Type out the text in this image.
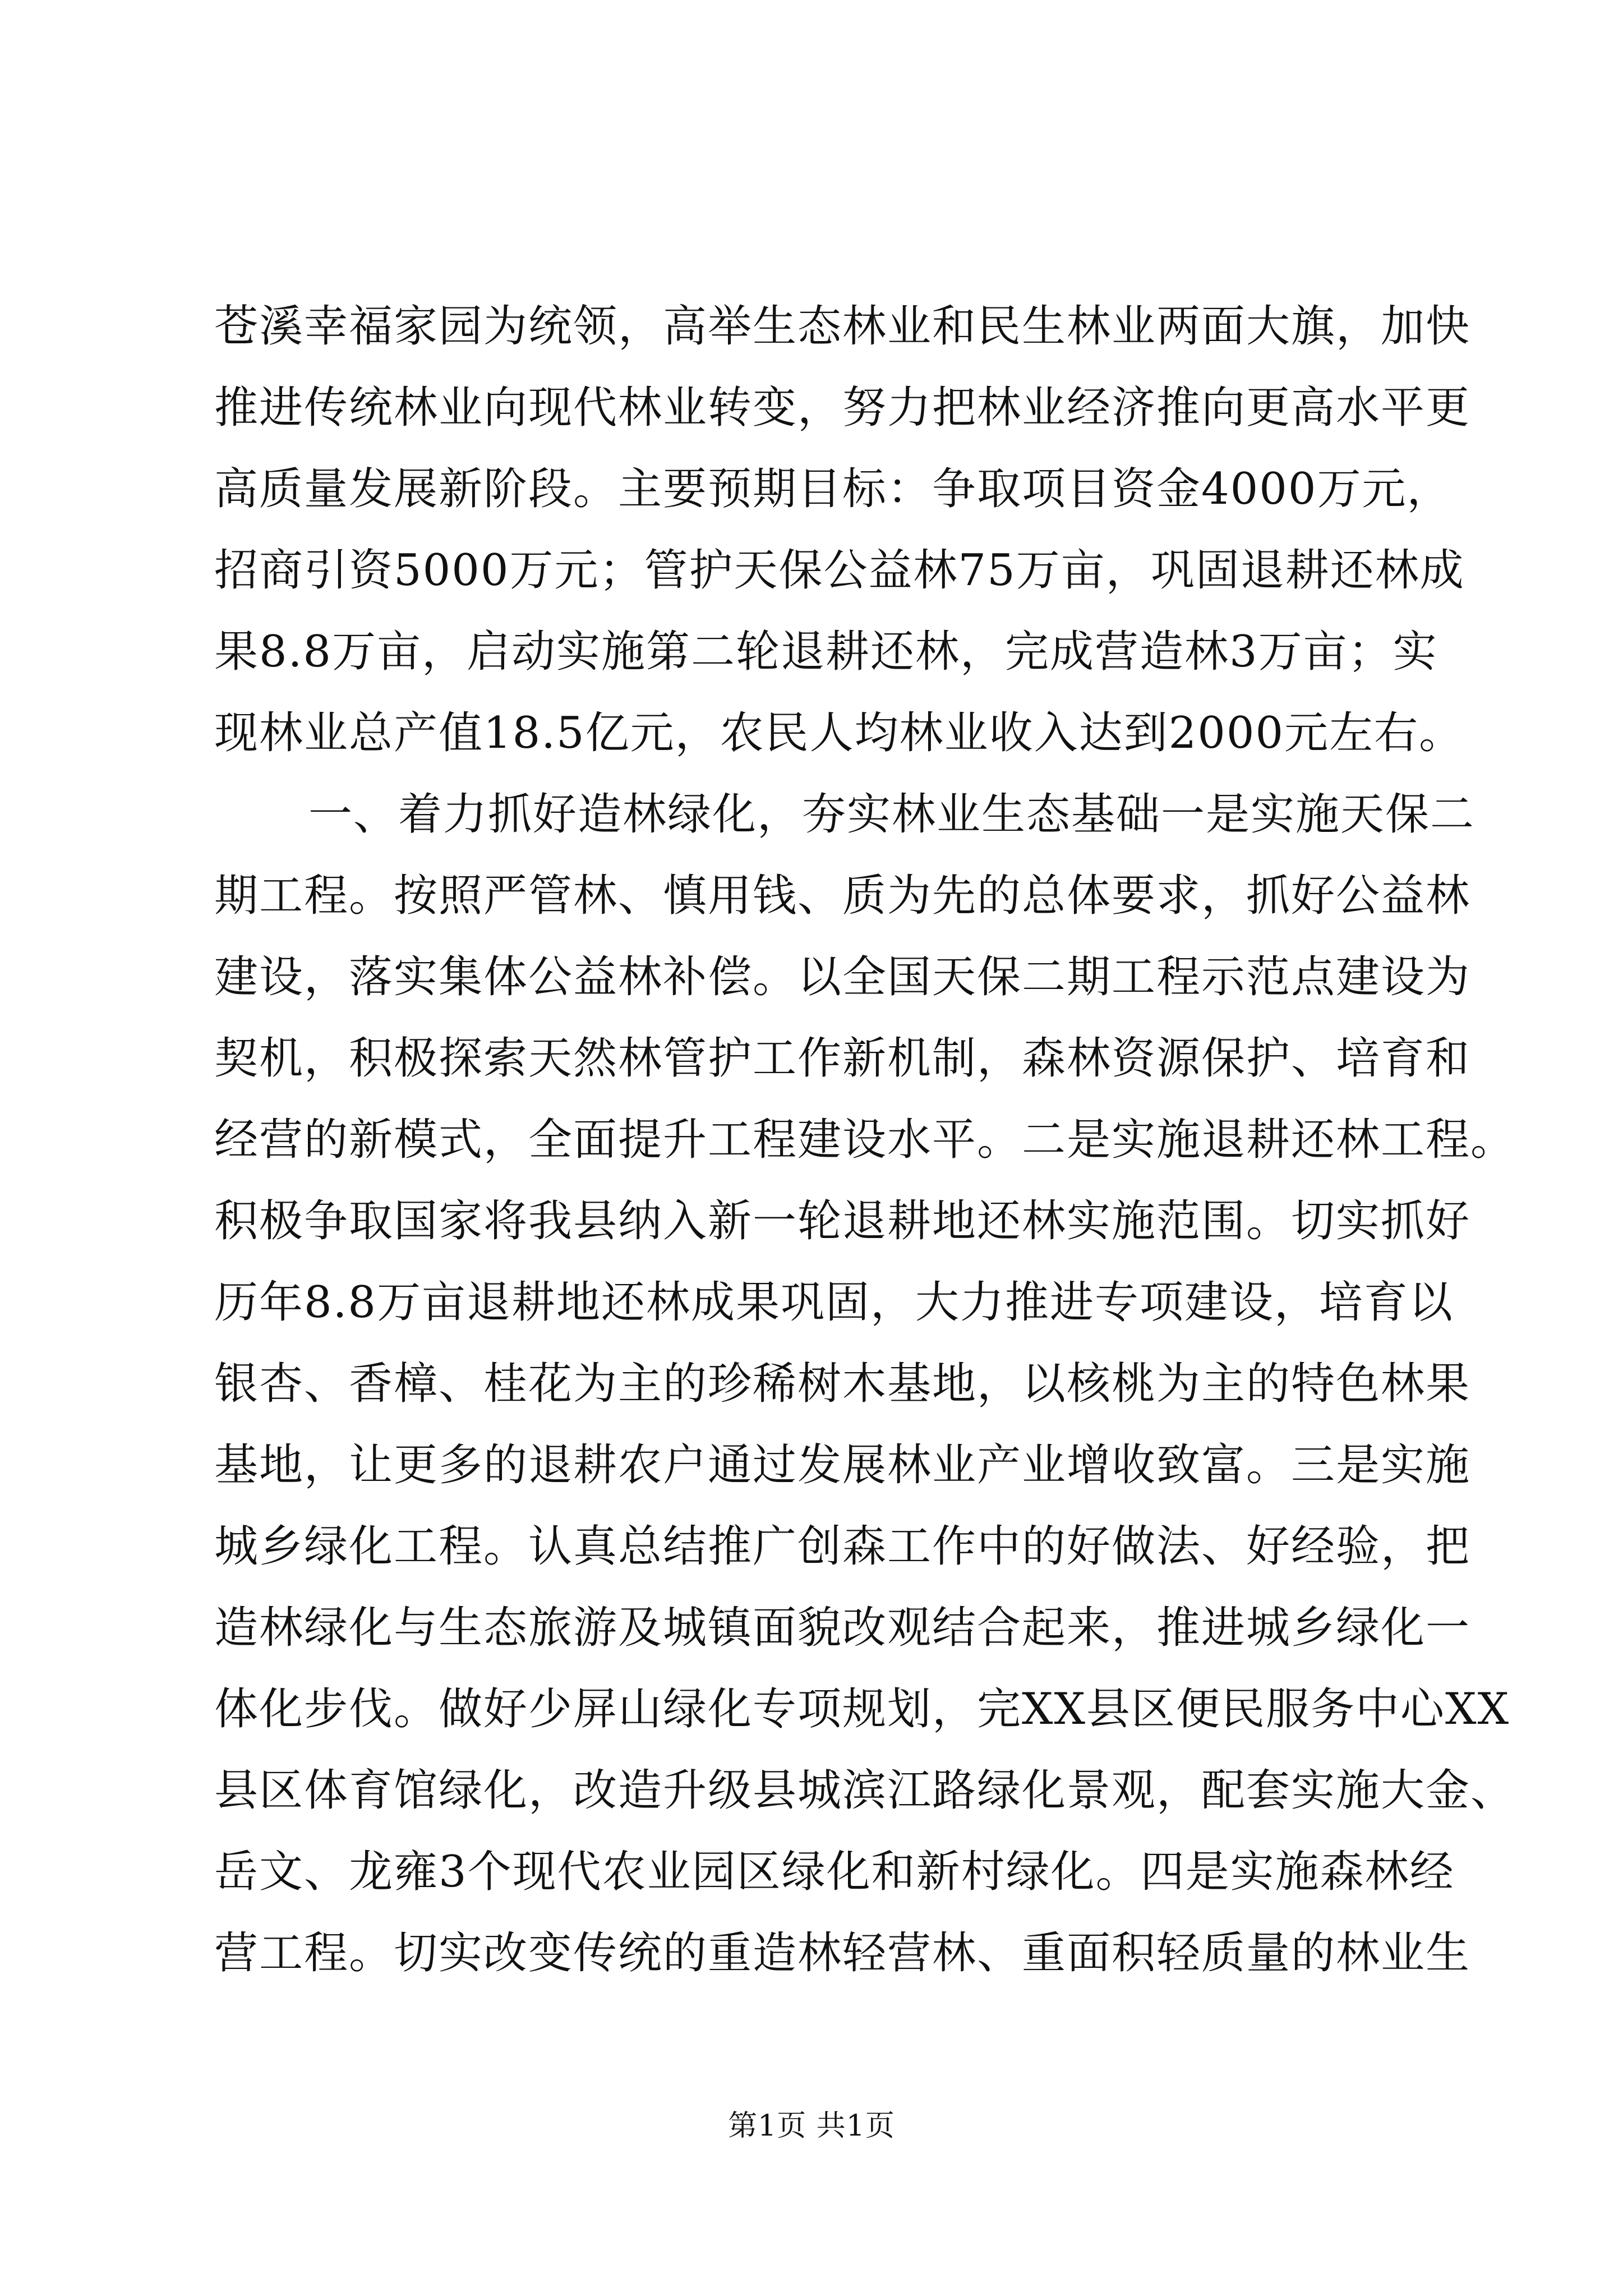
苍溪幸福家园为统领，高举生态林业和民生林业两面大旗，加快
推进传统林业向现代林业转变，努力把林业经济推向更高水平更
高质量发展新阶段。主要预期目标：争取项目资金4000万元，
招商引资5000万元；管护天保公益林75万亩，巩固退耕还林成
果8.8万亩，启动实施第二轮退耕还林，完成营造林3万亩；实
现林业总产值18.5亿元，农民人均林业收入达到2000元左右。
一、着力抓好造林绿化，夯实林业生态基础一是实施天保二
期工程。按照严管林、慎用钱、质为先的总体要求，抓好公益林
建设，落实集体公益林补偿。以全国天保二期工程示范点建设为
契机，积极探索天然林管护工作新机制，森林资源保护、培育和
经营的新模式，全面提升工程建设水平。二是实施退耕还林工程。
积极争取国家将我县纳入新一轮退耕地还林实施范围。切实抓好
历年8.8万亩退耕地还林成果巩固，大力推进专项建设，培育以
银杏、香樟、桂花为主的珍稀树木基地，以核桃为主的特色林果
基地，让更多的退耕农户通过发展林业产业增收致富。三是实施
城乡绿化工程。认真总结推广创森工作中的好做法、好经验，把
造林绿化与生态旅游及城镇面貌改观结合起来，推进城乡绿化一
体化步伐。做好少屏山绿化专项规划，完XX县区便民服务中心XX
县区体育馆绿化，改造升级县城滨江路绿化景观，配套实施大金、
岳文、龙雍3个现代农业园区绿化和新村绿化。四是实施森林经
营工程。切实改变传统的重造林轻营林、重面积轻质量的林业生
第1页 共1页
